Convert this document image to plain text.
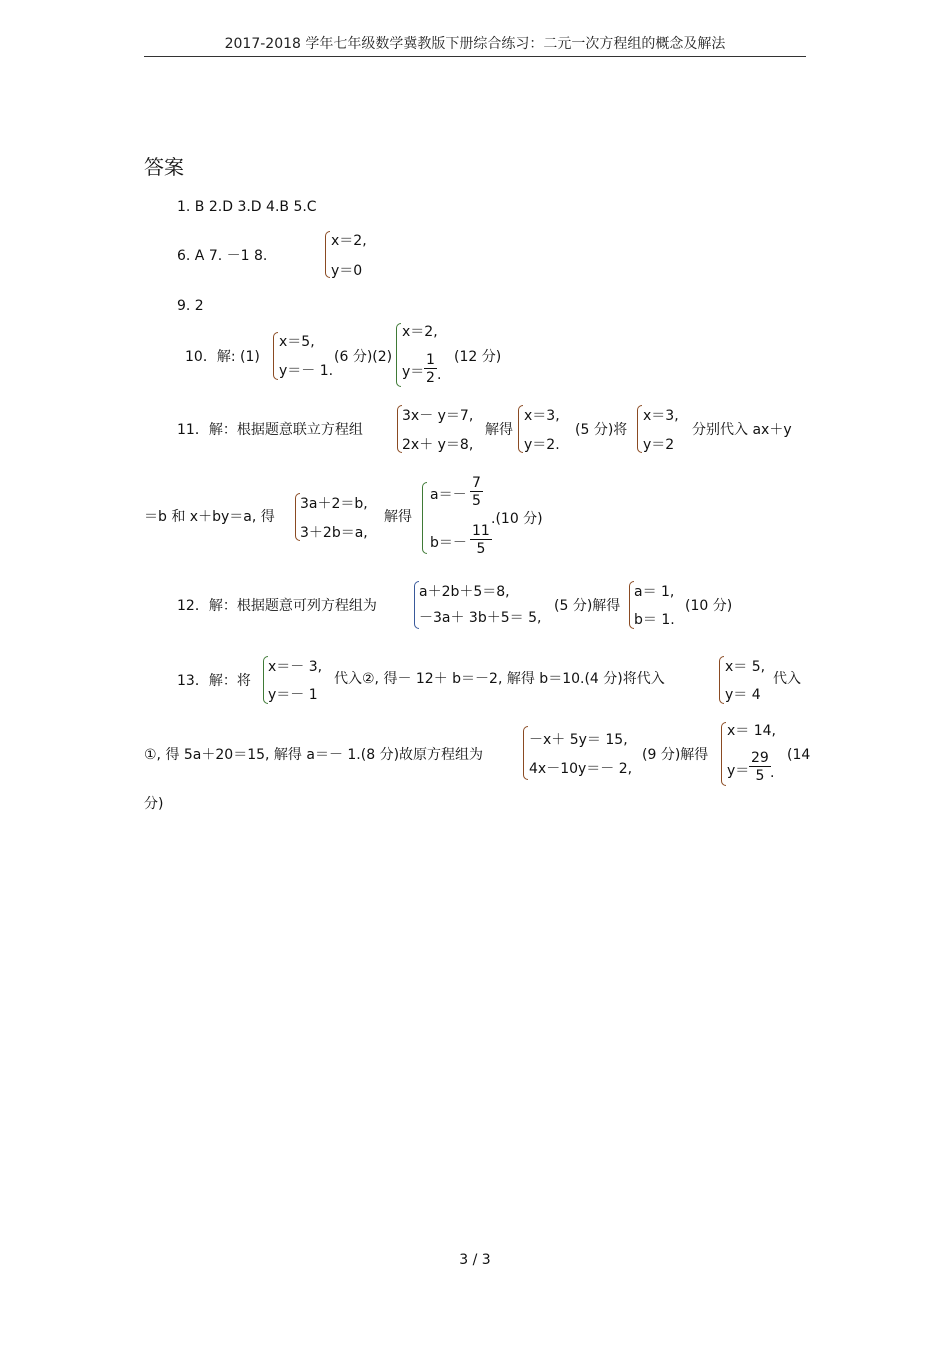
2017-2018 学年七年级数学冀教版下册综合练习：二元一次方程组的概念及解法
答案
1. B 2.D 3.D 4.B 5.C
6. A 7. －1 8.
x＝2,
y＝0
9. 2
10．解: (1)
x＝5,
y＝－ 1.
(6 分)(2)
x＝2,
$y= \frac{1}{2}$ .
(12 分)
11．解：根据题意联立方程组
3x－ y＝7,
2x＋ y＝8,
解得
x＝3,
y＝2.
(5 分)将
x＝3,
y＝2
分别代入 ax＋y
＝b 和 x＋by＝a, 得
3a＋2＝b,
3＋2b＝a,
解得
$a=- \frac{7}{5}$
$b=- \frac{11}{5}$
.(10 分)
12．解：根据题意可列方程组为
a＋2b＋5＝8,
－3a＋ 3b＋5＝ 5,
(5 分)解得
a＝ 1,
b＝ 1.
(10 分)
13．解：将
x＝－ 3,
y＝－ 1
代入②, 得－ 12＋ b＝－2, 解得 b＝10.(4 分)将代入
x＝ 5,
y＝ 4
代入
①, 得 5a＋20＝15, 解得 a＝－ 1.(8 分)故原方程组为
－x＋ 5y＝ 15,
4x－10y＝－ 2,
(9 分)解得
x＝ 14,
$y= \frac{29}{5}$ .
(14
分)
3 / 3
